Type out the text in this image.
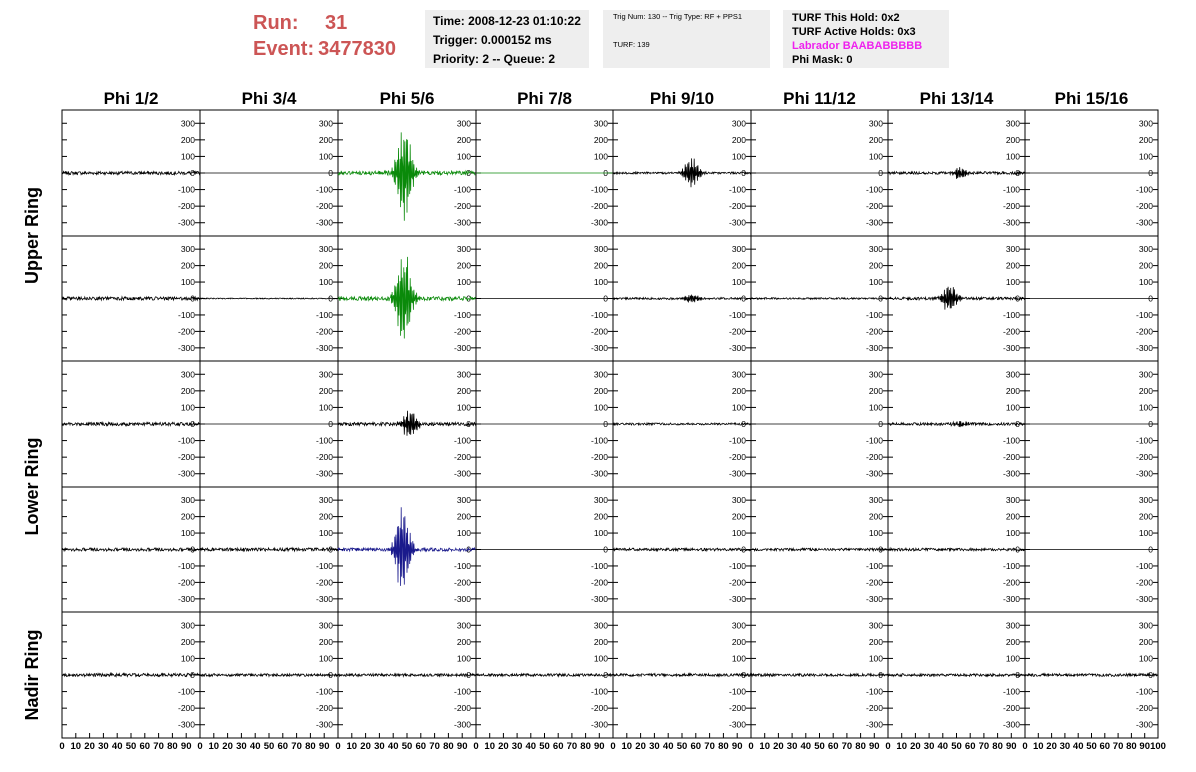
Run:	31
Event: 3477830
Time: 2008-12-23 01:10:22
Trigger: 0.000152 ms
Priority: 2 -- Queue: 2
Trig Num: 130 -- Trig Type: RF + PPS1
TURF: 139
TURF This Hold: 0x2
TURF Active Holds: 0x3
Labrador BAABABBBBB
Phi Mask: 0
Phi 1/2	Phi 3/4	Phi 5/6	Phi 7/8	Phi 9/10	Phi 11/12	Phi 13/14	Phi 15/16
Upper Ring
Lower Ring
Nadir Ring
300
200
100
0
-100
-200
-300
300
200
100
0
-100
-200
-300
300
200
100
0
-100
-200
-300
300
200
100
0
-100
-200
-300
300
200
100
0
-100
-200
-300
300
200
100
0
-100
-200
-300
300
200
100
0
-100
-200
-300
300
200
100
0
-100
-200
-300
300
200
100
0
-100
-200
-300
300
200
100
0
-100
-200
-300
300
200
100
0
-100
-200
-300
300
200
100
0
-100
-200
-300
300
200
100
0
-100
-200
-300
300
200
100
0
-100
-200
-300
300
200
100
0
-100
-200
-300
300
200
100
0
-100
-200
-300
300
200
100
0
-100
-200
-300
300
200
100
0
-100
-200
-300
300
200
100
0
-100
-200
-300
300
200
100
0
-100
-200
-300
300
200
100
0
-100
-200
-300
300
200
100
0
-100
-200
-300
300
200
100
0
-100
-200
-300
300
200
100
0
-100
-200
-300
300
200
100
0
-100
-200
-300
300
200
100
0
-100
-200
-300
300
200
100
0
-100
-200
-300
300
200
100
0
-100
-200
-300
300
200
100
0
-100
-200
-300
300
200
100
0
-100
-200
-300
300
200
100
0
-100
-200
-300
300
200
100
0
-100
-200
-300
300
200
100
0
-100
-200
-300
300
200
100
0
-100
-200
-300
300
200
100
0
-100
-200
-300
300
200
100
0
-100
-200
-300
300
200
100
0
-100
-200
-300
300
200
100
0
-100
-200
-300
300
200
100
0
-100
-200
-300
300
200
100
0
-100
-200
-300
0 10 20 30 40 50 60 70 80 90 0 10 20 30 40 50 60 70 80 90 0 10 20 30 40 50 60 70 80 90 0 10 20 30 40 50 60 70 80 90 0 10 20 30 40 50 60 70 80 90 0 10 20 30 40 50 60 70 80 90 0 10 20 30 40 50 60 70 80 90 0 10 20 30 40 50 60 70 80 90 100
